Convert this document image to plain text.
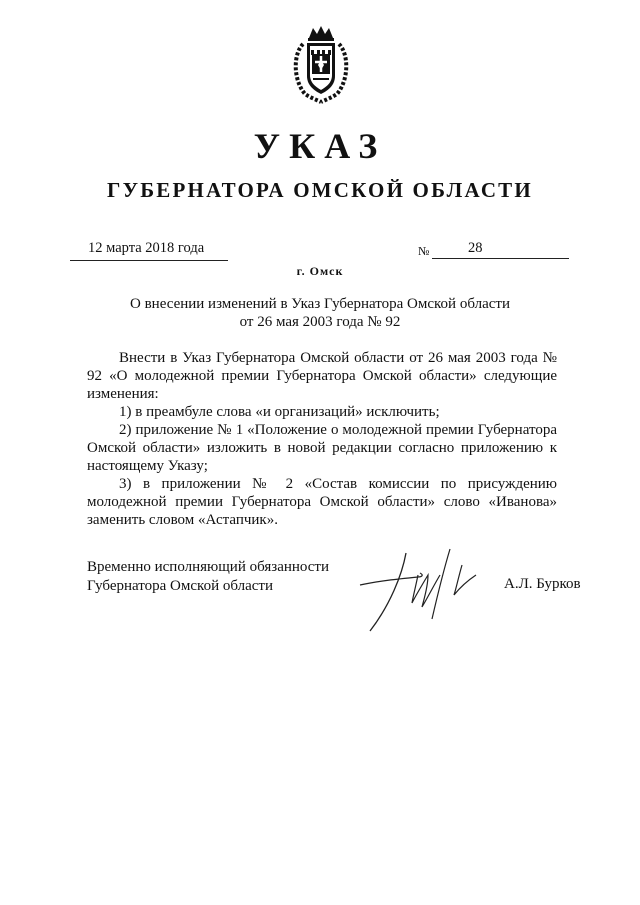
УКАЗ
ГУБЕРНАТОРА ОМСКОЙ ОБЛАСТИ
12 марта 2018 года	№	28
г. Омск
О внесении изменений в Указ Губернатора Омской области
от 26 мая 2003 года № 92

Внести в Указ Губернатора Омской области от 26 мая 2003 года № 92 «О молодежной премии Губернатора Омской области» следующие изменения:

1) в преамбуле слова «и организаций» исключить;

2) приложение № 1 «Положение о молодежной премии Губернатора Омской области» изложить в новой редакции согласно приложению к настоящему Указу;

3) в приложении № 2 «Состав комиссии по присуждению молодежной премии Губернатора Омской области» слово «Иванова» заменить словом «Астапчик».

Временно исполняющий обязанности
Губернатора Омской области	А.Л. Бурков
